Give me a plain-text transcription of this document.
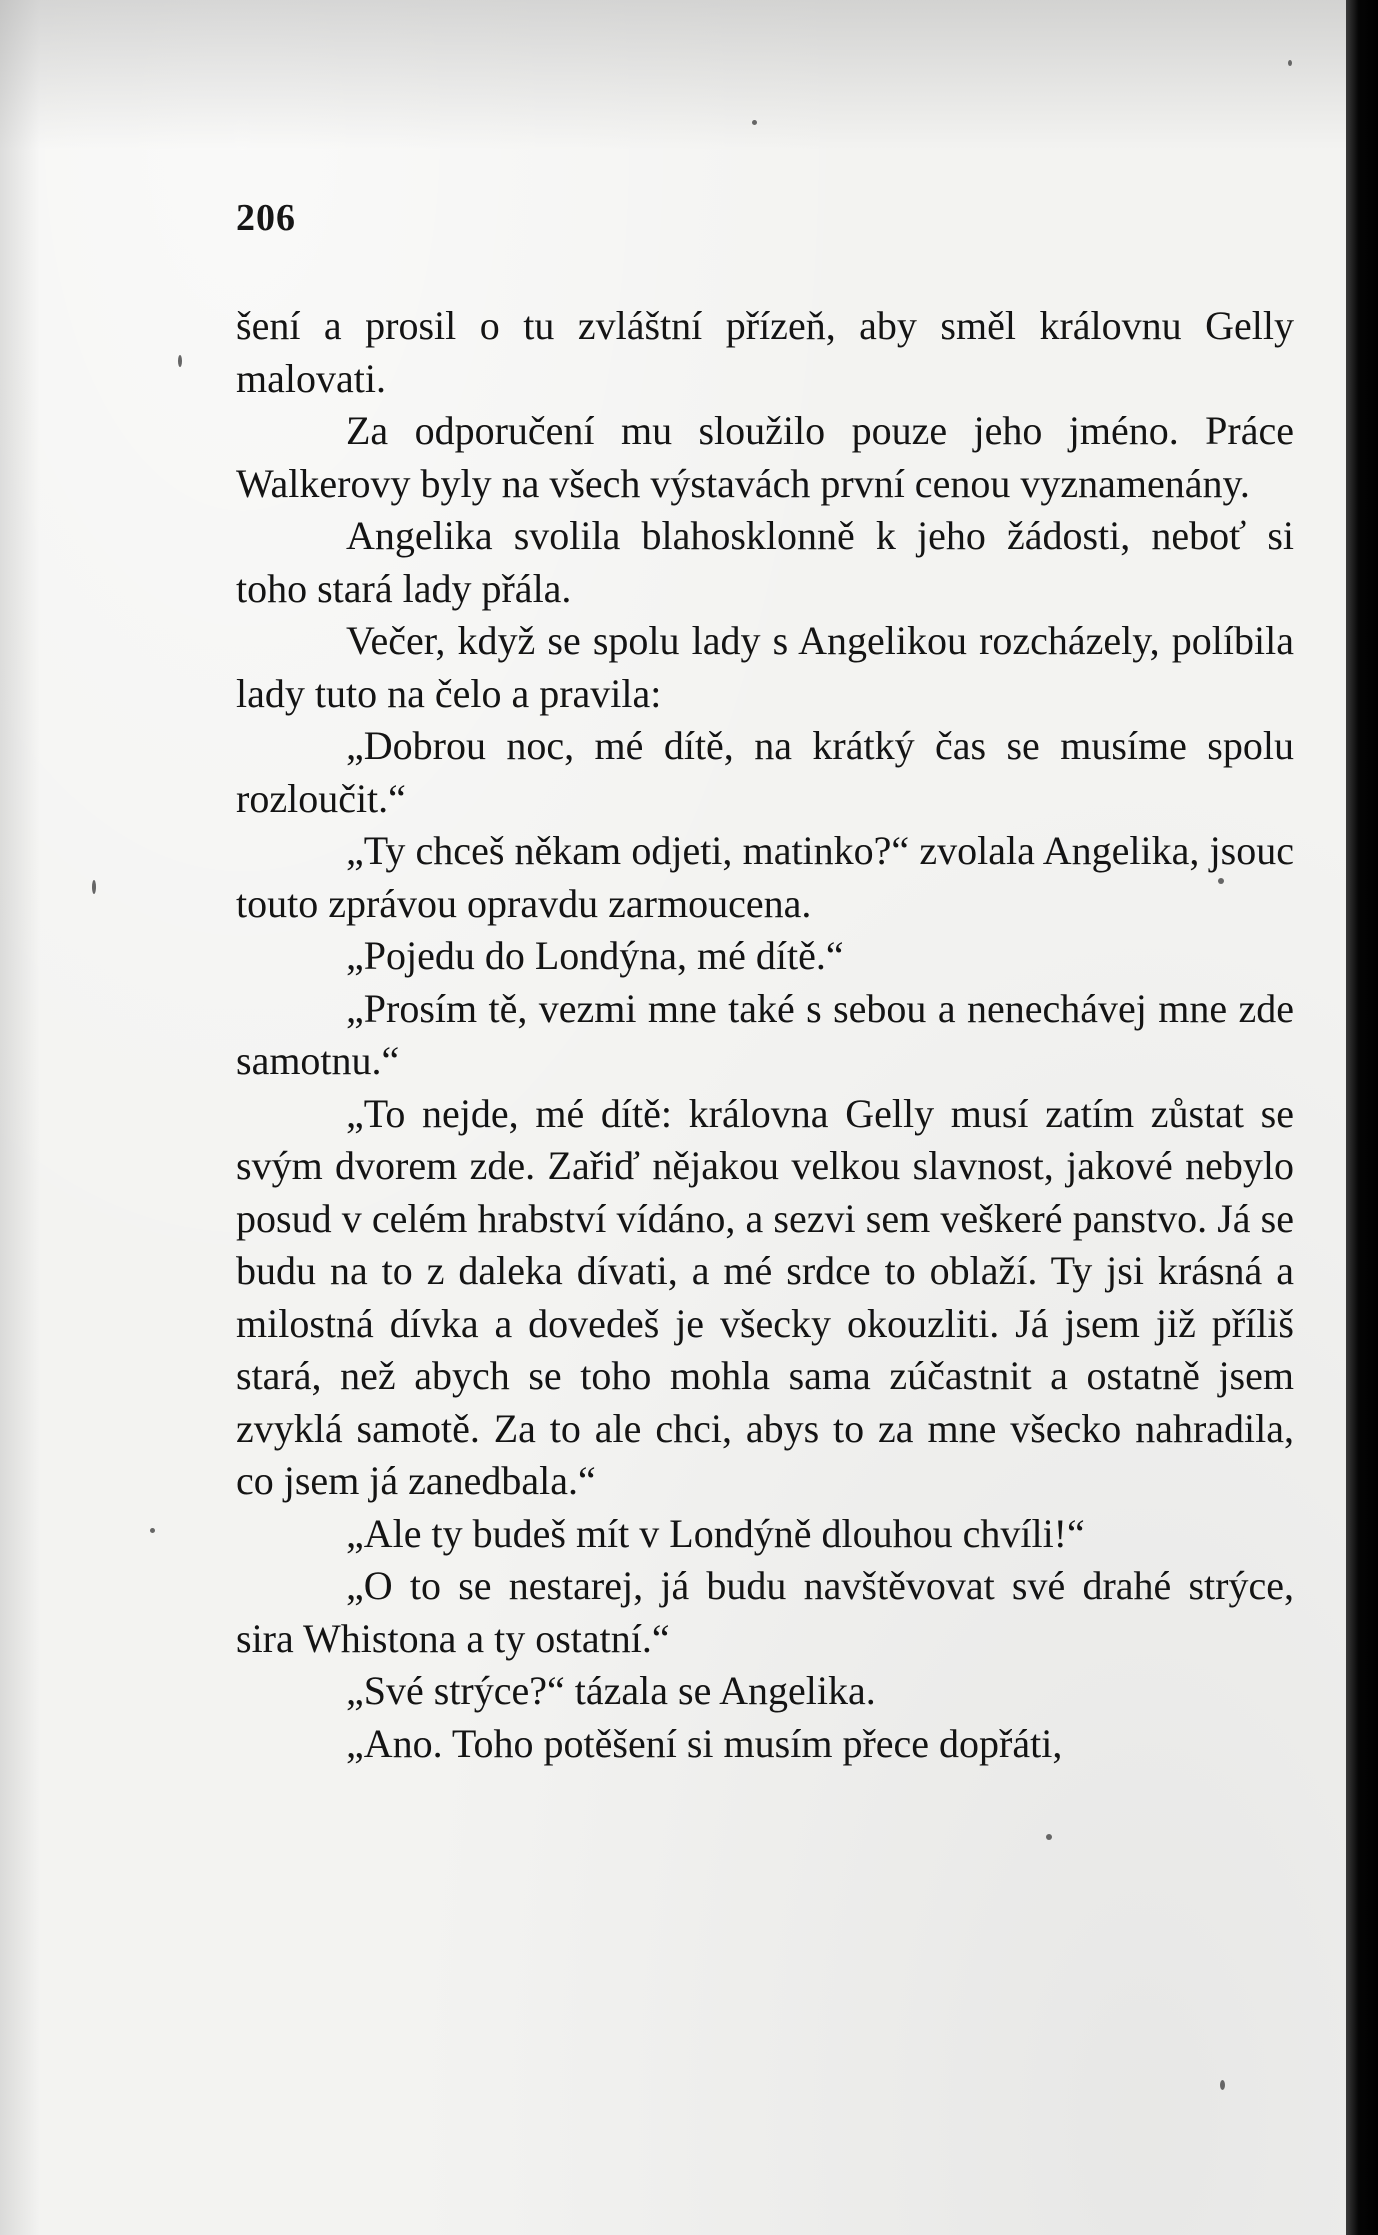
206

šení a prosil o tu zvláštní přízeň, aby směl královnu Gelly malovati.

Za odporučení mu sloužilo pouze jeho jméno. Práce Walkerovy byly na všech výstavách první cenou vyznamenány.

Angelika svolila blahosklonně k jeho žádosti, neboť si toho stará lady přála.

Večer, když se spolu lady s Angelikou rozcházely, políbila lady tuto na čelo a pravila:

„Dobrou noc, mé dítě, na krátký čas se musíme spolu rozloučit.“

„Ty chceš někam odjeti, matinko?“ zvolala Angelika, jsouc touto zprávou opravdu zarmoucena.

„Pojedu do Londýna, mé dítě.“

„Prosím tě, vezmi mne také s sebou a nenechávej mne zde samotnu.“

„To nejde, mé dítě: královna Gelly musí zatím zůstat se svým dvorem zde. Zařiď nějakou velkou slavnost, jakové nebylo posud v celém hrabství vídáno, a sezvi sem veškeré panstvo. Já se budu na to z daleka dívati, a mé srdce to oblaží. Ty jsi krásná a milostná dívka a dovedeš je všecky okouzliti. Já jsem již příliš stará, než abych se toho mohla sama zúčastnit a ostatně jsem zvyklá samotě. Za to ale chci, abys to za mne všecko nahradila, co jsem já zanedbala.“

„Ale ty budeš mít v Londýně dlouhou chvíli!“

„O to se nestarej, já budu navštěvovat své drahé strýce, sira Whistona a ty ostatní.“

„Své strýce?“ tázala se Angelika.

„Ano. Toho potěšení si musím přece dopřáti,
